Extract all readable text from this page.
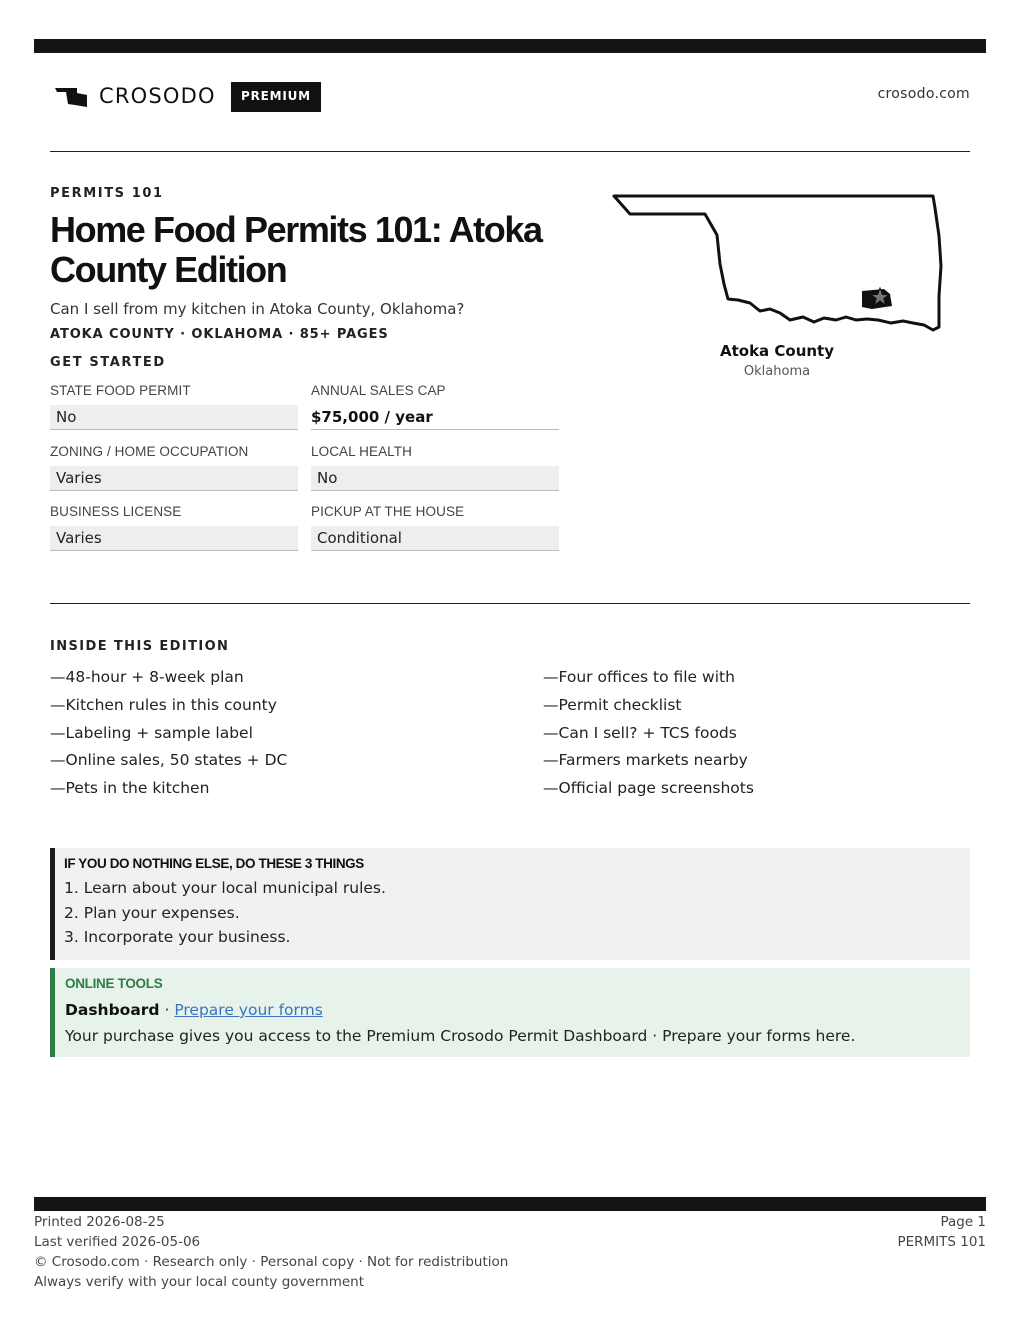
CROSODO	PREMIUM	crosodo.com
PERMITS 101
Home Food Permits 101: Atoka County Edition
Can I sell from my kitchen in Atoka County, Oklahoma?
ATOKA COUNTY · OKLAHOMA · 85+ PAGES
GET STARTED
STATE FOOD PERMIT
No
ANNUAL SALES CAP
$75,000 / year
ZONING / HOME OCCUPATION
Varies
LOCAL HEALTH
No
BUSINESS LICENSE
Varies
PICKUP AT THE HOUSE
Conditional
Atoka County
Oklahoma
INSIDE THIS EDITION
—48-hour + 8-week plan
—Kitchen rules in this county
—Labeling + sample label
—Online sales, 50 states + DC
—Pets in the kitchen
—Four offices to file with
—Permit checklist
—Can I sell? + TCS foods
—Farmers markets nearby
—Official page screenshots
IF YOU DO NOTHING ELSE, DO THESE 3 THINGS
1. Learn about your local municipal rules.
2. Plan your expenses.
3. Incorporate your business.
ONLINE TOOLS
Dashboard · Prepare your forms
Your purchase gives you access to the Premium Crosodo Permit Dashboard · Prepare your forms here.
Printed 2026-08-25
Last verified 2026-05-06
© Crosodo.com · Research only · Personal copy · Not for redistribution
Always verify with your local county government
Page 1
PERMITS 101
